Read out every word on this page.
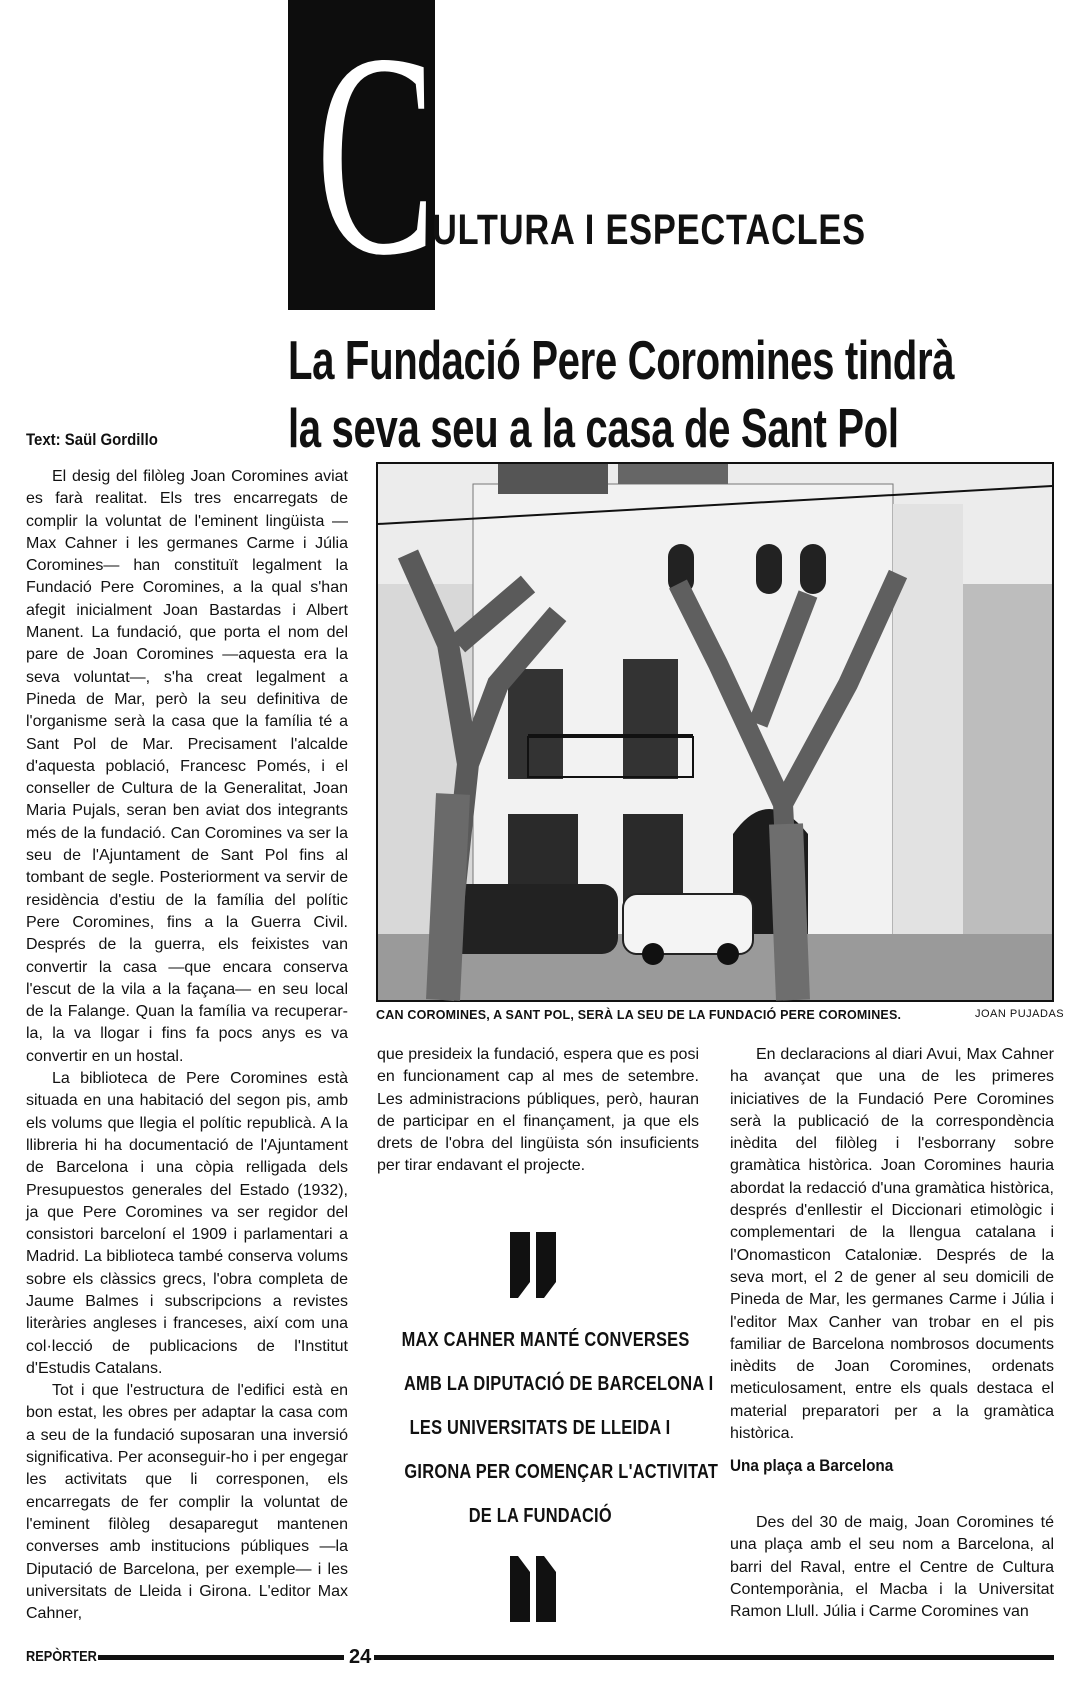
C
ULTURA I ESPECTACLES
La Fundació Pere Coromines tindrà
la seva seu a la casa de Sant Pol
Text: Saül Gordillo

El desig del filòleg Joan Coromines aviat es farà realitat. Els tres encarregats de complir la voluntat de l'eminent lingüista —Max Cahner i les germanes Carme i Júlia Coromines— han constituït legalment la Fundació Pere Coromines, a la qual s'han afegit inicialment Joan Bastardas i Albert Manent. La fundació, que porta el nom del pare de Joan Coromines —aquesta era la seva voluntat—, s'ha creat legalment a Pineda de Mar, però la seu definitiva de l'organisme serà la casa que la família té a Sant Pol de Mar. Precisament l'alcalde d'aquesta població, Francesc Pomés, i el conseller de Cultura de la Generalitat, Joan Maria Pujals, seran ben aviat dos integrants més de la fundació. Can Coromines va ser la seu de l'Ajuntament de Sant Pol fins al tombant de segle. Posteriorment va servir de residència d'estiu de la família del polític Pere Coromines, fins a la Guerra Civil. Després de la guerra, els feixistes van convertir la casa —que encara conserva l'escut de la vila a la façana— en seu local de la Falange. Quan la família va recuperar-la, la va llogar i fins fa pocs anys es va convertir en un hostal.

La biblioteca de Pere Coromines està situada en una habitació del segon pis, amb els volums que llegia el polític republicà. A la llibreria hi ha documentació de l'Ajuntament de Barcelona i una còpia relligada dels Presupuestos generales del Estado (1932), ja que Pere Coromines va ser regidor del consistori barceloní el 1909 i parlamentari a Madrid. La biblioteca també conserva volums sobre els clàssics grecs, l'obra completa de Jaume Balmes i subscripcions a revistes literàries angleses i franceses, així com una col·lecció de publicacions de l'Institut d'Estudis Catalans.

Tot i que l'estructura de l'edifici està en bon estat, les obres per adaptar la casa com a seu de la fundació suposaran una inversió significativa. Per aconseguir-ho i per engegar les activitats que li corresponen, els encarregats de fer complir la voluntat de l'eminent filòleg desaparegut mantenen converses amb institucions públiques —la Diputació de Barcelona, per exemple— i les universitats de Lleida i Girona. L'editor Max Cahner,

CAN COROMINES, A SANT POL, SERÀ LA SEU DE LA FUNDACIÓ PERE COROMINES.	JOAN PUJADAS

que presideix la fundació, espera que es posi en funcionament cap al mes de setembre. Les administracions públiques, però, hauran de participar en el finançament, ja que els drets de l'obra del lingüista són insuficients per tirar endavant el projecte.

MAX CAHNER MANTÉ CONVERSES
AMB LA DIPUTACIÓ DE BARCELONA I
LES UNIVERSITATS DE LLEIDA I
GIRONA PER COMENÇAR L'ACTIVITAT
DE LA FUNDACIÓ

En declaracions al diari Avui, Max Cahner ha avançat que una de les primeres iniciatives de la Fundació Pere Coromines serà la publicació de la correspondència inèdita del filòleg i l'esborrany sobre gramàtica històrica. Joan Coromines hauria abordat la redacció d'una gramàtica històrica, després d'enllestir el Diccionari etimològic i complementari de la llengua catalana i l'Onomasticon Cataloniæ. Després de la seva mort, el 2 de gener al seu domicili de Pineda de Mar, les germanes Carme i Júlia i l'editor Max Canher van trobar en el pis familiar de Barcelona nombrosos documents inèdits de Joan Coromines, ordenats meticulosament, entre els quals destaca el material preparatori per a la gramàtica històrica.

Una plaça a Barcelona

Des del 30 de maig, Joan Coromines té una plaça amb el seu nom a Barcelona, al barri del Raval, entre el Centre de Cultura Contemporània, el Macba i la Universitat Ramon Llull. Júlia i Carme Coromines van

REPÒRTER	24
